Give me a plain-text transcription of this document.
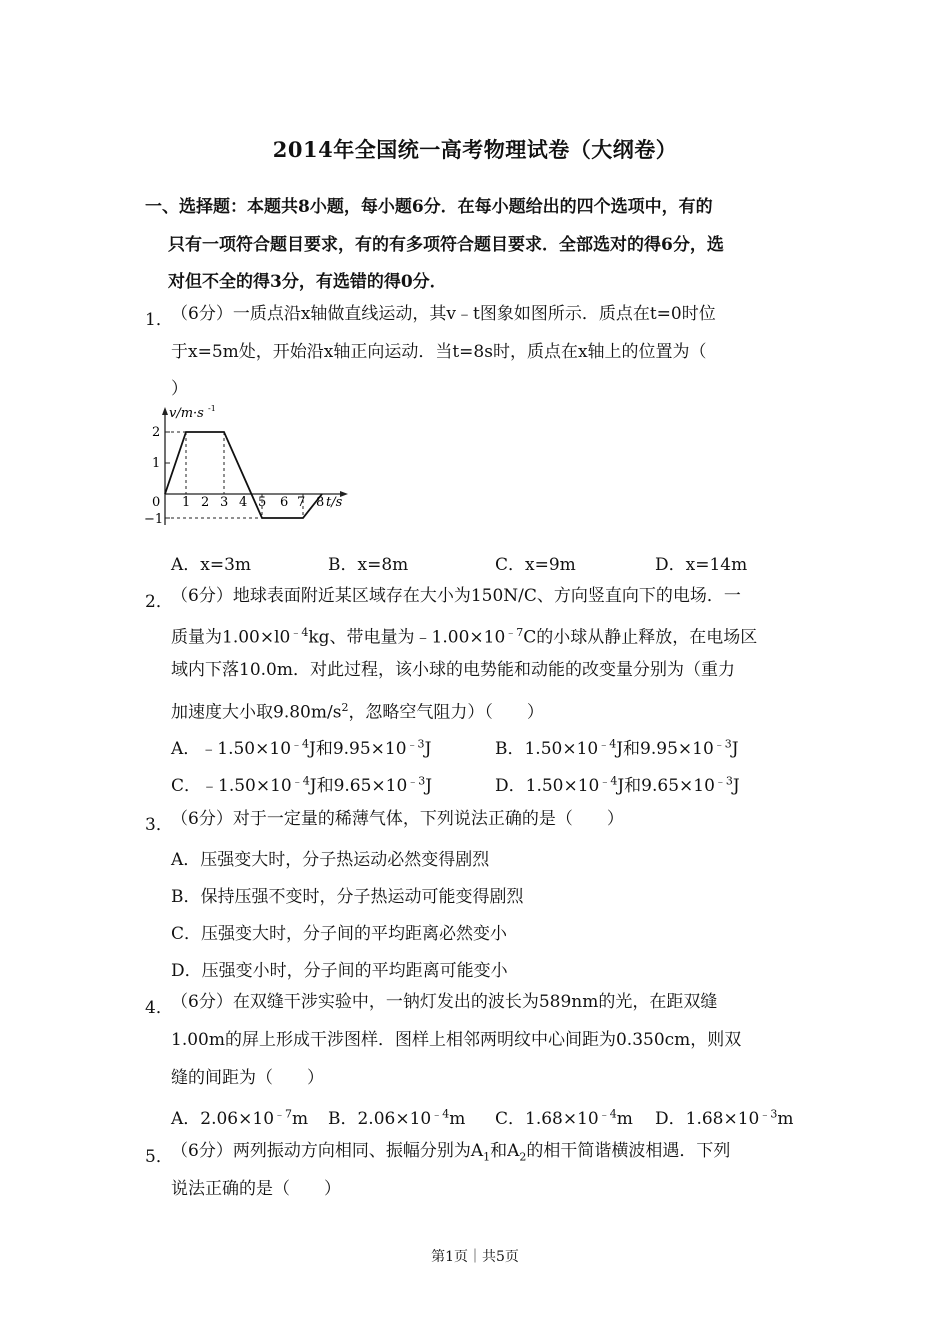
2014年全国统一高考物理试卷（大纲卷）
一、选择题：本题共8小题，每小题6分．在每小题给出的四个选项中，有的
只有一项符合题目要求，有的有多项符合题目要求．全部选对的得6分，选
对但不全的得3分，有选错的得0分．
1．
（6分）一质点沿x轴做直线运动，其v﹣t图象如图所示．质点在t=0时位
于x=5m处，开始沿x轴正向运动．当t=8s时，质点在x轴上的位置为（
）
v/m·s -1
t/s
2
1
0
−1
1 2 3 4 5 6 7 8
A．x=3m	B．x=8m	C．x=9m	D．x=14m
2．
（6分）地球表面附近某区域存在大小为150N/C、方向竖直向下的电场．一
质量为$1.00\times l0^{﹣4}kg$、带电量为$﹣1.00\times 10^{﹣7}C$的小球从静止释放，在电场区
域内下落10.0m．对此过程，该小球的电势能和动能的改变量分别为（重力
加速度大小取$9.80m/s^2$，忽略空气阻力）（　　）
A．$﹣1.50\times 10^{﹣4}J$和$9.95\times 10^{﹣3}J$	B．$1.50\times 10^{﹣4}J$和$9.95\times 10^{﹣3}J$
C．$﹣1.50\times 10^{﹣4}J$和$9.65\times 10^{﹣3}J$	D．$1.50\times 10^{﹣4}J$和$9.65\times 10^{﹣3}J$
3．
（6分）对于一定量的稀薄气体，下列说法正确的是（　　）
A．压强变大时，分子热运动必然变得剧烈
B．保持压强不变时，分子热运动可能变得剧烈
C．压强变大时，分子间的平均距离必然变小
D．压强变小时，分子间的平均距离可能变小
4．
（6分）在双缝干涉实验中，一钠灯发出的波长为589nm的光，在距双缝
1.00m的屏上形成干涉图样．图样上相邻两明纹中心间距为0.350cm，则双
缝的间距为（　　）
A．$2.06\times 10^{﹣7}m$ B．$2.06\times 10^{﹣4}m$ C．$1.68\times 10^{﹣4}m$ D．$1.68\times 10^{﹣3}m$
5．
（6分）两列振动方向相同、振幅分别为$A_1$和$A_2$的相干简谐横波相遇．下列
说法正确的是（　　）
第1页｜共5页
